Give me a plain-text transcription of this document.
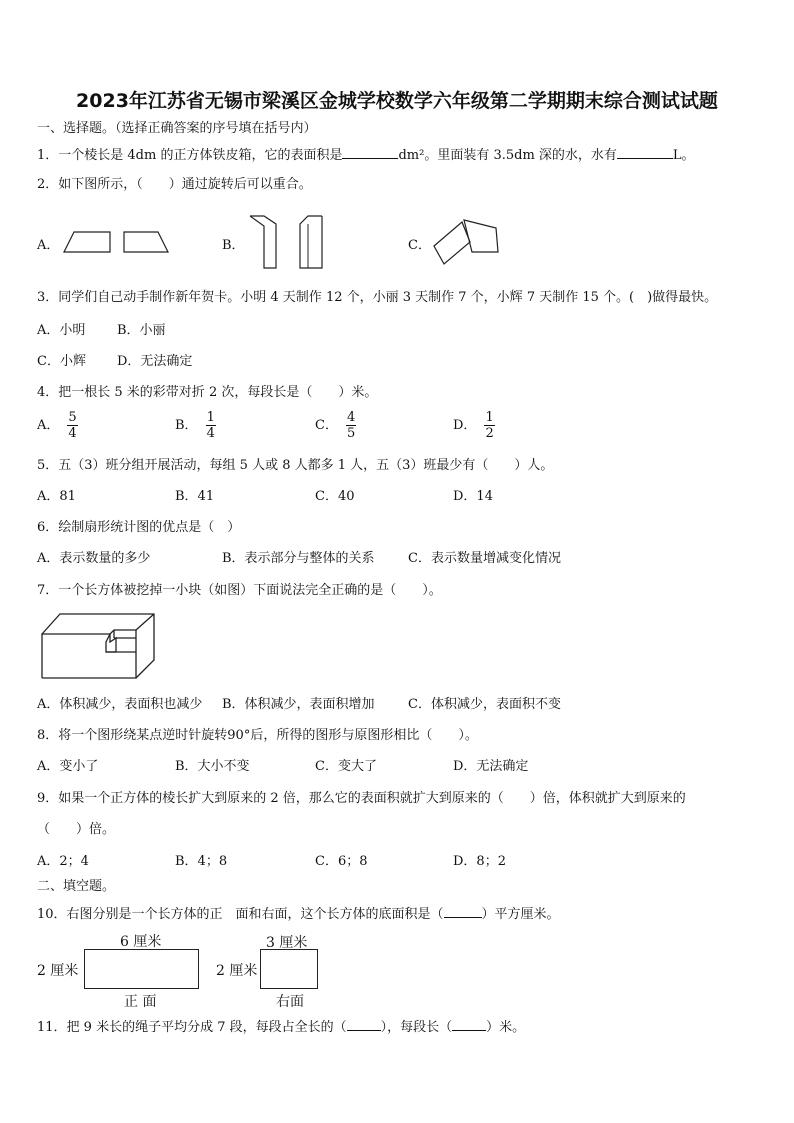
2023年江苏省无锡市梁溪区金城学校数学六年级第二学期期末综合测试试题
一、选择题。（选择正确答案的序号填在括号内）
1．一个棱长是 4dm 的正方体铁皮箱，它的表面积是	dm²。里面装有 3.5dm 深的水，水有	L。
2．如下图所示，（　　）通过旋转后可以重合。
A．	B．	C．
3．同学们自己动手制作新年贺卡。小明 4 天制作 12 个，小丽 3 天制作 7 个，小辉 7 天制作 15 个。(　)做得最快。
A．小明 B．小丽
C．小辉 D．无法确定
4．把一根长 5 米的彩带对折 2 次，每段长是（　　）米。
A． $\frac{5}{4}$	B． $\frac{1}{4}$	C． $\frac{4}{5}$	D． $\frac{1}{2}$
5．五（3）班分组开展活动，每组 5 人或 8 人都多 1 人，五（3）班最少有（　　）人。
A．81	B．41	C．40	D．14
6．绘制扇形统计图的优点是（　）
A．表示数量的多少	B．表示部分与整体的关系	C．表示数量增减变化情况
7．一个长方体被挖掉一小块（如图）下面说法完全正确的是（　　）。
A．体积减少，表面积也减少 B．体积减少，表面积增加	C．体积减少，表面积不变
8．将一个图形绕某点逆时针旋转90°后，所得的图形与原图形相比（　　）。
A．变小了	B．大小不变	C．变大了	D．无法确定
9．如果一个正方体的棱长扩大到原来的 2 倍，那么它的表面积就扩大到原来的（　　）倍，体积就扩大到原来的
（　　）倍。
A．2；4	B．4；8	C．6；8	D．8；2
二、填空题。
10．右图分别是一个长方体的正　面和右面，这个长方体的底面积是（	）平方厘米。
6 厘米
2 厘米
正 面
3 厘米
2 厘米
右面
11．把 9 米长的绳子平均分成 7 段，每段占全长的（	），每段长（	）米。
